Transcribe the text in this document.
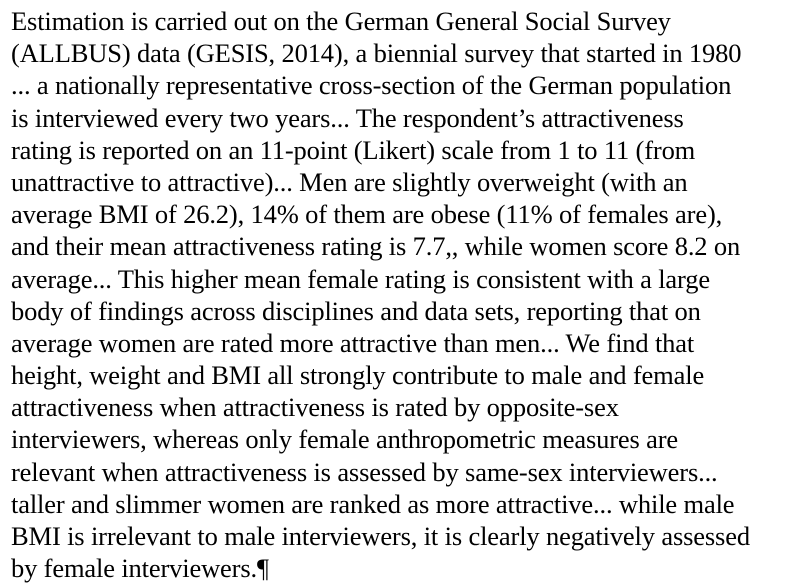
Estimation is carried out on the German General Social Survey
(ALLBUS) data (GESIS, 2014), a biennial survey that started in 1980
... a nationally representative cross-section of the German population
is interviewed every two years... The respondent’s attractiveness
rating is reported on an 11-point (Likert) scale from 1 to 11 (from
unattractive to attractive)... Men are slightly overweight (with an
average BMI of 26.2), 14% of them are obese (11% of females are),
and their mean attractiveness rating is 7.7,, while women score 8.2 on
average... This higher mean female rating is consistent with a large
body of findings across disciplines and data sets, reporting that on
average women are rated more attractive than men... We find that
height, weight and BMI all strongly contribute to male and female
attractiveness when attractiveness is rated by opposite-sex
interviewers, whereas only female anthropometric measures are
relevant when attractiveness is assessed by same-sex interviewers...
taller and slimmer women are ranked as more attractive... while male
BMI is irrelevant to male interviewers, it is clearly negatively assessed
by female interviewers.¶
